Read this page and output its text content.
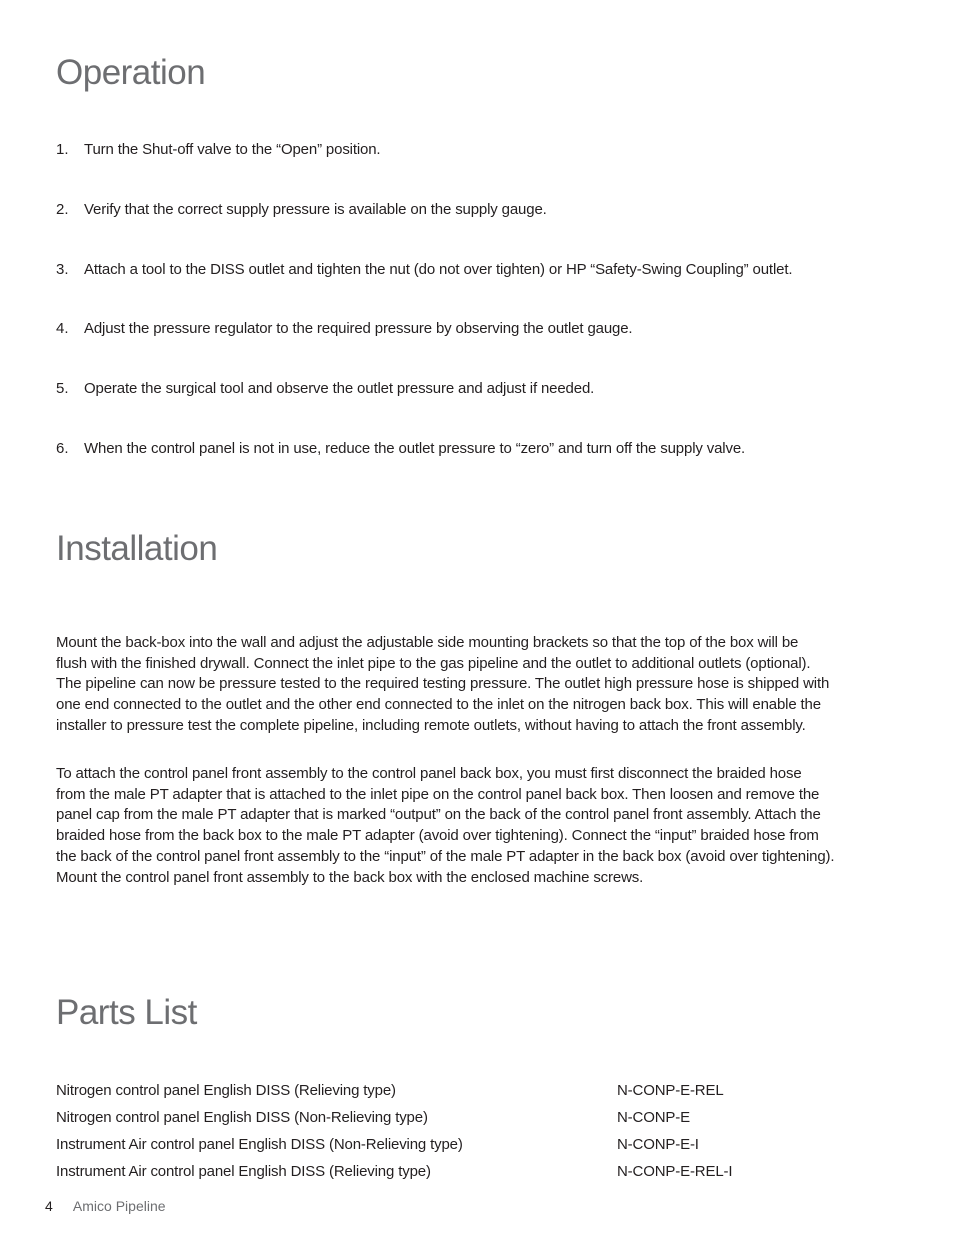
Operation
1.	Turn the Shut-off valve to the “Open” position.
2.	Verify that the correct supply pressure is available on the supply gauge.
3.	Attach a tool to the DISS outlet and tighten the nut (do not over tighten) or HP “Safety-Swing Coupling” outlet.
4.	Adjust the pressure regulator to the required pressure by observing the outlet gauge.
5.	Operate the surgical tool and observe the outlet pressure and adjust if needed.
6.	When the control panel is not in use, reduce the outlet pressure to “zero” and turn off the supply valve.
Installation

Mount the back-box into the wall and adjust the adjustable side mounting brackets so that the top of the box will be
flush with the finished drywall. Connect the inlet pipe to the gas pipeline and the outlet to additional outlets (optional).
The pipeline can now be pressure tested to the required testing pressure. The outlet high pressure hose is shipped with
one end connected to the outlet and the other end connected to the inlet on the nitrogen back box. This will enable the
installer to pressure test the complete pipeline, including remote outlets, without having to attach the front assembly.

To attach the control panel front assembly to the control panel back box, you must first disconnect the braided hose
from the male PT adapter that is attached to the inlet pipe on the control panel back box. Then loosen and remove the
panel cap from the male PT adapter that is marked “output” on the back of the control panel front assembly. Attach the
braided hose from the back box to the male PT adapter (avoid over tightening). Connect the “input” braided hose from
the back of the control panel front assembly to the “input” of the male PT adapter in the back box (avoid over tightening).
Mount the control panel front assembly to the back box with the enclosed machine screws.

Parts List
Nitrogen control panel English DISS (Relieving type)	N-CONP-E-REL
Nitrogen control panel English DISS (Non-Relieving type)	N-CONP-E
Instrument Air control panel English DISS (Non-Relieving type)	N-CONP-E-I
Instrument Air control panel English DISS (Relieving type)	N-CONP-E-REL-I
4 Amico Pipeline
